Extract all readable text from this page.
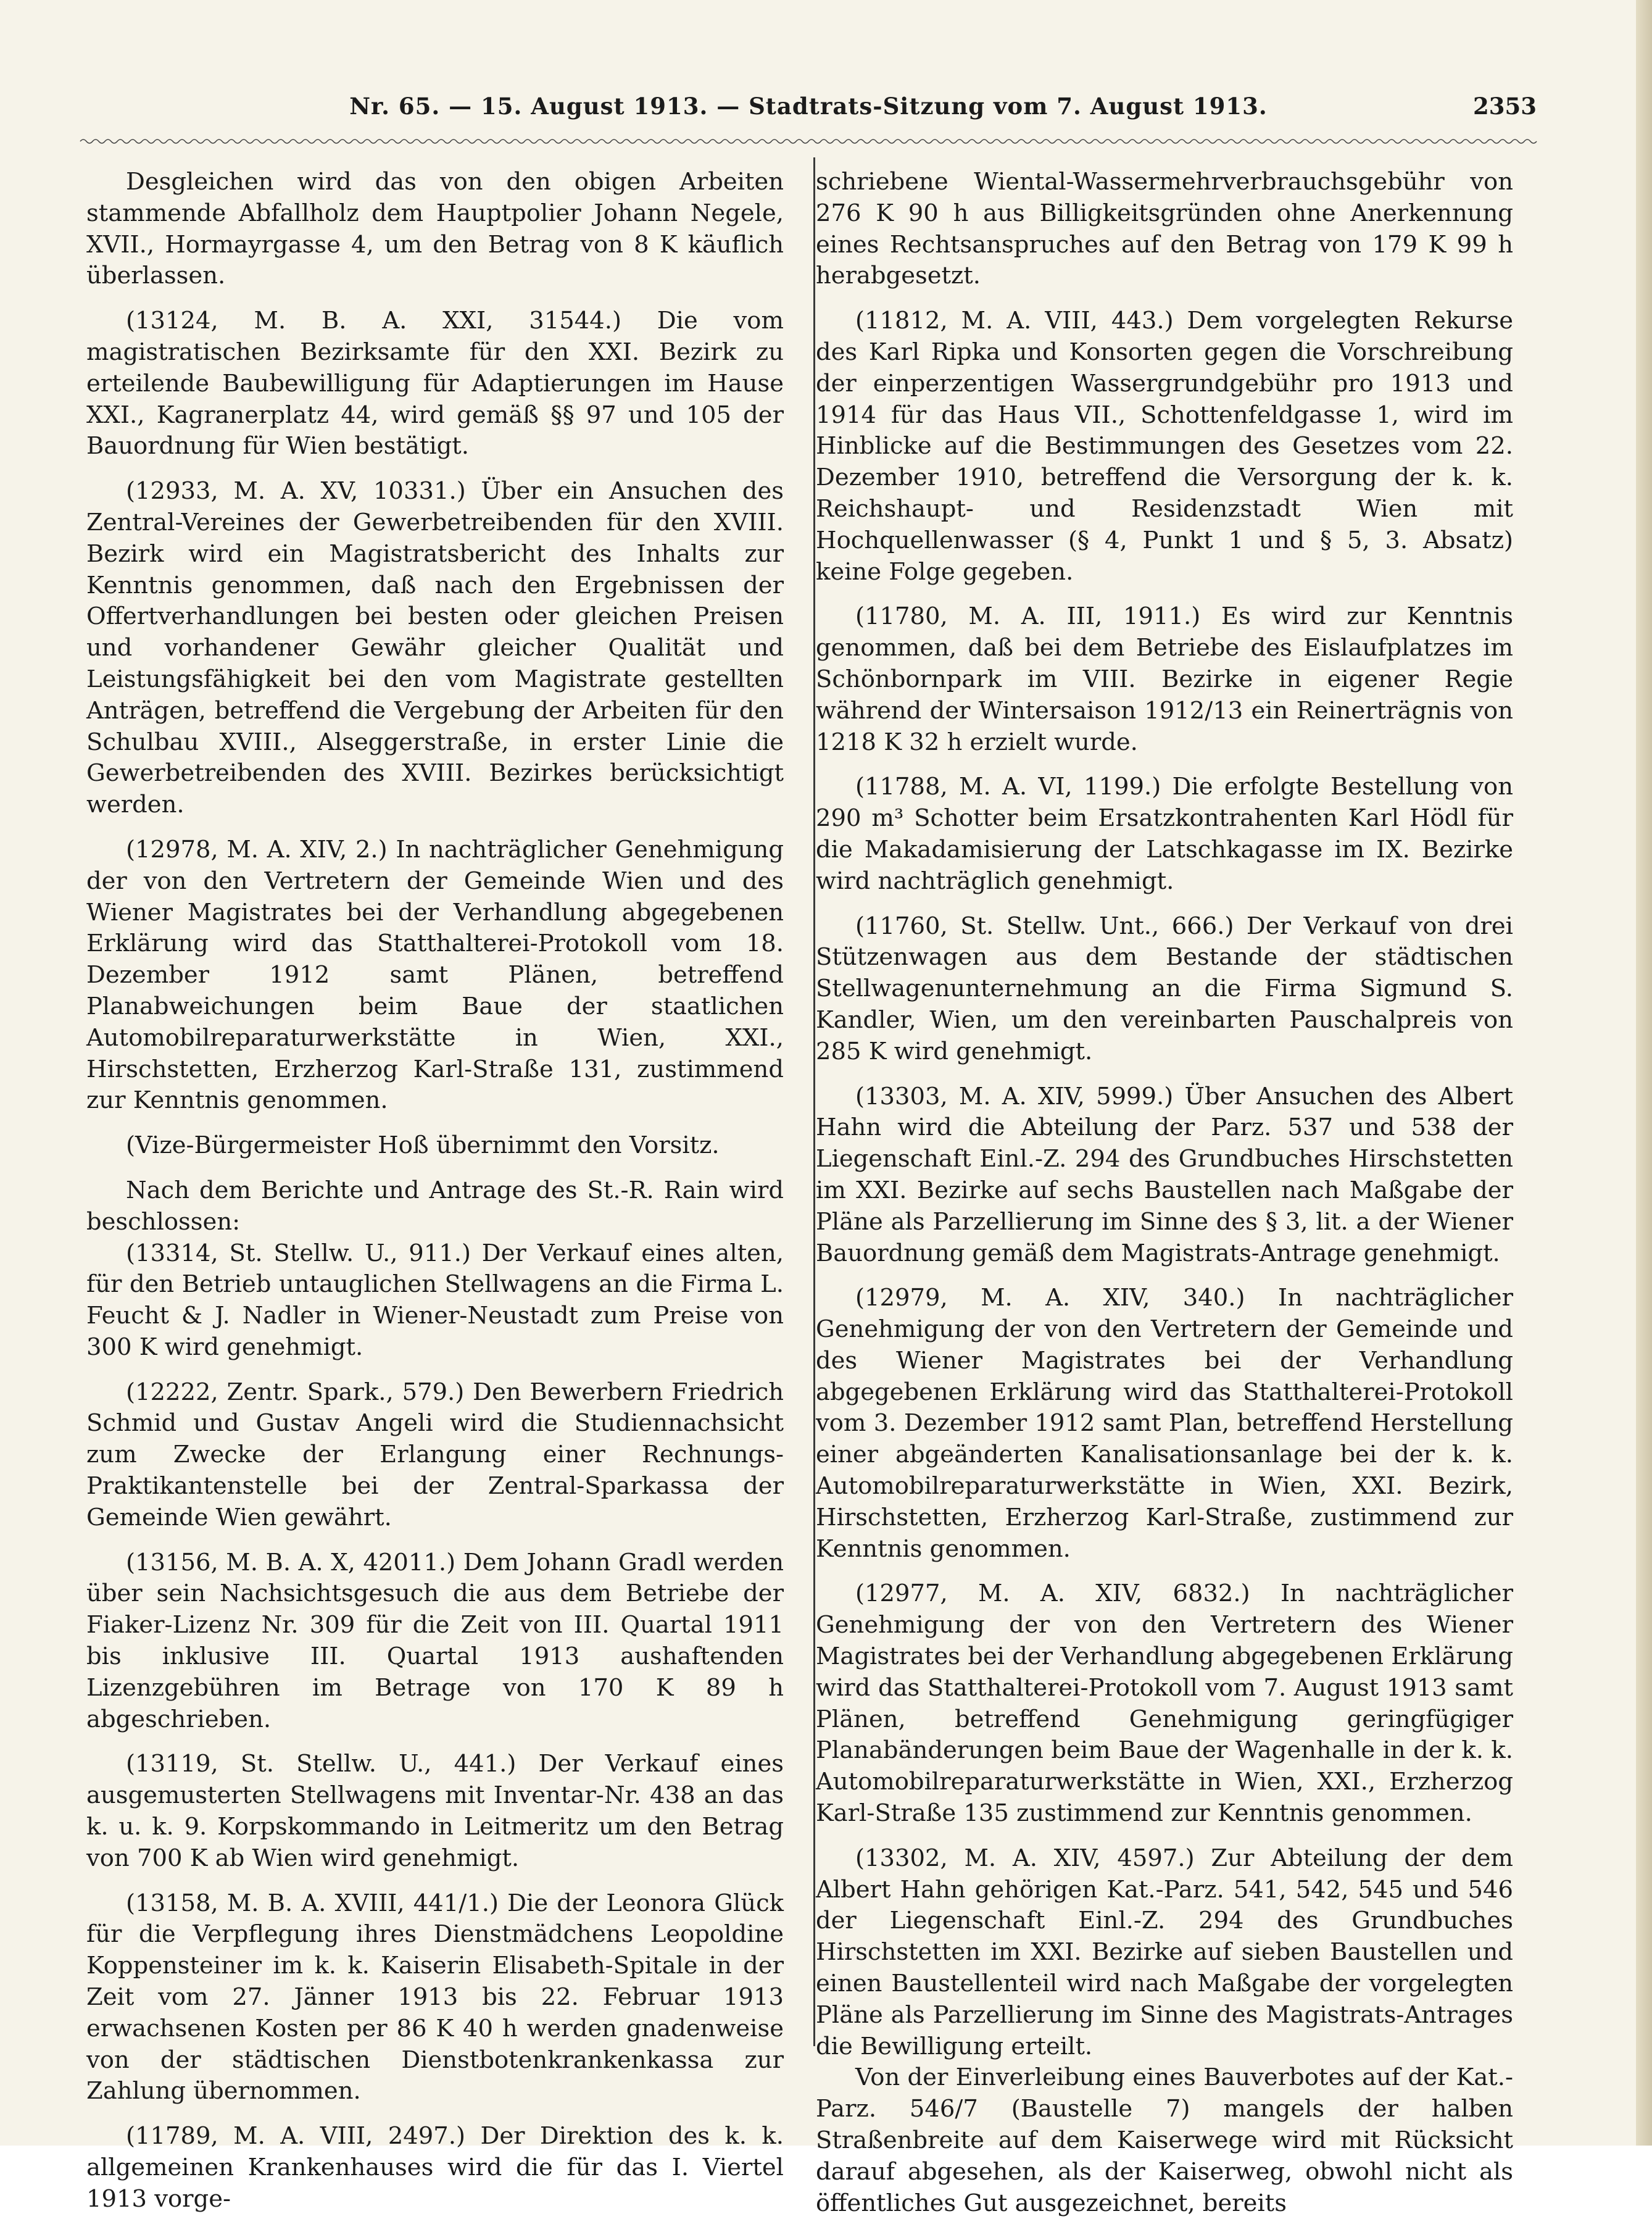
Nr. 65. — 15. August 1913. — Stadtrats-Sitzung vom 7. August 1913.	2353

Desgleichen wird das von den obigen Arbeiten stammende Abfallholz dem Hauptpolier Johann Negele, XVII., Hormayrgasse 4, um den Betrag von 8 K käuflich überlassen.

(13124, M. B. A. XXI, 31544.) Die vom magistratischen Bezirksamte für den XXI. Bezirk zu erteilende Baubewilligung für Adaptierungen im Hause XXI., Kagranerplatz 44, wird gemäß §§ 97 und 105 der Bauordnung für Wien bestätigt.

(12933, M. A. XV, 10331.) Über ein Ansuchen des Zentral-Vereines der Gewerbetreibenden für den XVIII. Bezirk wird ein Magistratsbericht des Inhalts zur Kenntnis genommen, daß nach den Ergebnissen der Offertverhandlungen bei besten oder gleichen Preisen und vorhandener Gewähr gleicher Qualität und Leistungsfähigkeit bei den vom Magistrate gestellten Anträgen, betreffend die Vergebung der Arbeiten für den Schulbau XVIII., Alseggerstraße, in erster Linie die Gewerbetreibenden des XVIII. Bezirkes berücksichtigt werden.

(12978, M. A. XIV, 2.) In nachträglicher Genehmigung der von den Vertretern der Gemeinde Wien und des Wiener Magistrates bei der Verhandlung abgegebenen Erklärung wird das Statthalterei-Protokoll vom 18. Dezember 1912 samt Plänen, betreffend Planabweichungen beim Baue der staatlichen Automobilreparaturwerkstätte in Wien, XXI., Hirschstetten, Erzherzog Karl-Straße 131, zustimmend zur Kenntnis genommen.

(Vize-Bürgermeister Hoß übernimmt den Vorsitz.

Nach dem Berichte und Antrage des St.-R. Rain wird beschlossen:

(13314, St. Stellw. U., 911.) Der Verkauf eines alten, für den Betrieb untauglichen Stellwagens an die Firma L. Feucht & J. Nadler in Wiener-Neustadt zum Preise von 300 K wird genehmigt.

(12222, Zentr. Spark., 579.) Den Bewerbern Friedrich Schmid und Gustav Angeli wird die Studiennachsicht zum Zwecke der Erlangung einer Rechnungs-Praktikantenstelle bei der Zentral-Sparkassa der Gemeinde Wien gewährt.

(13156, M. B. A. X, 42011.) Dem Johann Gradl werden über sein Nachsichtsgesuch die aus dem Betriebe der Fiaker-Lizenz Nr. 309 für die Zeit von III. Quartal 1911 bis inklusive III. Quartal 1913 aushaftenden Lizenzgebühren im Betrage von 170 K 89 h abgeschrieben.

(13119, St. Stellw. U., 441.) Der Verkauf eines ausgemusterten Stellwagens mit Inventar-Nr. 438 an das k. u. k. 9. Korpskommando in Leitmeritz um den Betrag von 700 K ab Wien wird genehmigt.

(13158, M. B. A. XVIII, 441/1.) Die der Leonora Glück für die Verpflegung ihres Dienstmädchens Leopoldine Koppensteiner im k. k. Kaiserin Elisabeth-Spitale in der Zeit vom 27. Jänner 1913 bis 22. Februar 1913 erwachsenen Kosten per 86 K 40 h werden gnadenweise von der städtischen Dienstbotenkrankenkassa zur Zahlung übernommen.

(11789, M. A. VIII, 2497.) Der Direktion des k. k. allgemeinen Krankenhauses wird die für das I. Viertel 1913 vorge-

schriebene Wiental-Wassermehrverbrauchsgebühr von 276 K 90 h aus Billigkeitsgründen ohne Anerkennung eines Rechtsanspruches auf den Betrag von 179 K 99 h herabgesetzt.

(11812, M. A. VIII, 443.) Dem vorgelegten Rekurse des Karl Ripka und Konsorten gegen die Vorschreibung der einperzentigen Wassergrundgebühr pro 1913 und 1914 für das Haus VII., Schottenfeldgasse 1, wird im Hinblicke auf die Bestimmungen des Gesetzes vom 22. Dezember 1910, betreffend die Versorgung der k. k. Reichshaupt- und Residenzstadt Wien mit Hochquellenwasser (§ 4, Punkt 1 und § 5, 3. Absatz) keine Folge gegeben.

(11780, M. A. III, 1911.) Es wird zur Kenntnis genommen, daß bei dem Betriebe des Eislaufplatzes im Schönbornpark im VIII. Bezirke in eigener Regie während der Wintersaison 1912/13 ein Reinerträgnis von 1218 K 32 h erzielt wurde.

(11788, M. A. VI, 1199.) Die erfolgte Bestellung von 290 m³ Schotter beim Ersatzkontrahenten Karl Hödl für die Makadamisierung der Latschkagasse im IX. Bezirke wird nachträglich genehmigt.

(11760, St. Stellw. Unt., 666.) Der Verkauf von drei Stützenwagen aus dem Bestande der städtischen Stellwagenunternehmung an die Firma Sigmund S. Kandler, Wien, um den vereinbarten Pauschalpreis von 285 K wird genehmigt.

(13303, M. A. XIV, 5999.) Über Ansuchen des Albert Hahn wird die Abteilung der Parz. 537 und 538 der Liegenschaft Einl.-Z. 294 des Grundbuches Hirschstetten im XXI. Bezirke auf sechs Baustellen nach Maßgabe der Pläne als Parzellierung im Sinne des § 3, lit. a der Wiener Bauordnung gemäß dem Magistrats-Antrage genehmigt.

(12979, M. A. XIV, 340.) In nachträglicher Genehmigung der von den Vertretern der Gemeinde und des Wiener Magistrates bei der Verhandlung abgegebenen Erklärung wird das Statthalterei-Protokoll vom 3. Dezember 1912 samt Plan, betreffend Herstellung einer abgeänderten Kanalisationsanlage bei der k. k. Automobilreparaturwerkstätte in Wien, XXI. Bezirk, Hirschstetten, Erzherzog Karl-Straße, zustimmend zur Kenntnis genommen.

(12977, M. A. XIV, 6832.) In nachträglicher Genehmigung der von den Vertretern des Wiener Magistrates bei der Verhandlung abgegebenen Erklärung wird das Statthalterei-Protokoll vom 7. August 1913 samt Plänen, betreffend Genehmigung geringfügiger Planabänderungen beim Baue der Wagenhalle in der k. k. Automobilreparaturwerkstätte in Wien, XXI., Erzherzog Karl-Straße 135 zustimmend zur Kenntnis genommen.

(13302, M. A. XIV, 4597.) Zur Abteilung der dem Albert Hahn gehörigen Kat.-Parz. 541, 542, 545 und 546 der Liegenschaft Einl.-Z. 294 des Grundbuches Hirschstetten im XXI. Bezirke auf sieben Baustellen und einen Baustellenteil wird nach Maßgabe der vorgelegten Pläne als Parzellierung im Sinne des Magistrats-Antrages die Bewilligung erteilt.

Von der Einverleibung eines Bauverbotes auf der Kat.-Parz. 546/7 (Baustelle 7) mangels der halben Straßenbreite auf dem Kaiserwege wird mit Rücksicht darauf abgesehen, als der Kaiserweg, obwohl nicht als öffentliches Gut ausgezeichnet, bereits
